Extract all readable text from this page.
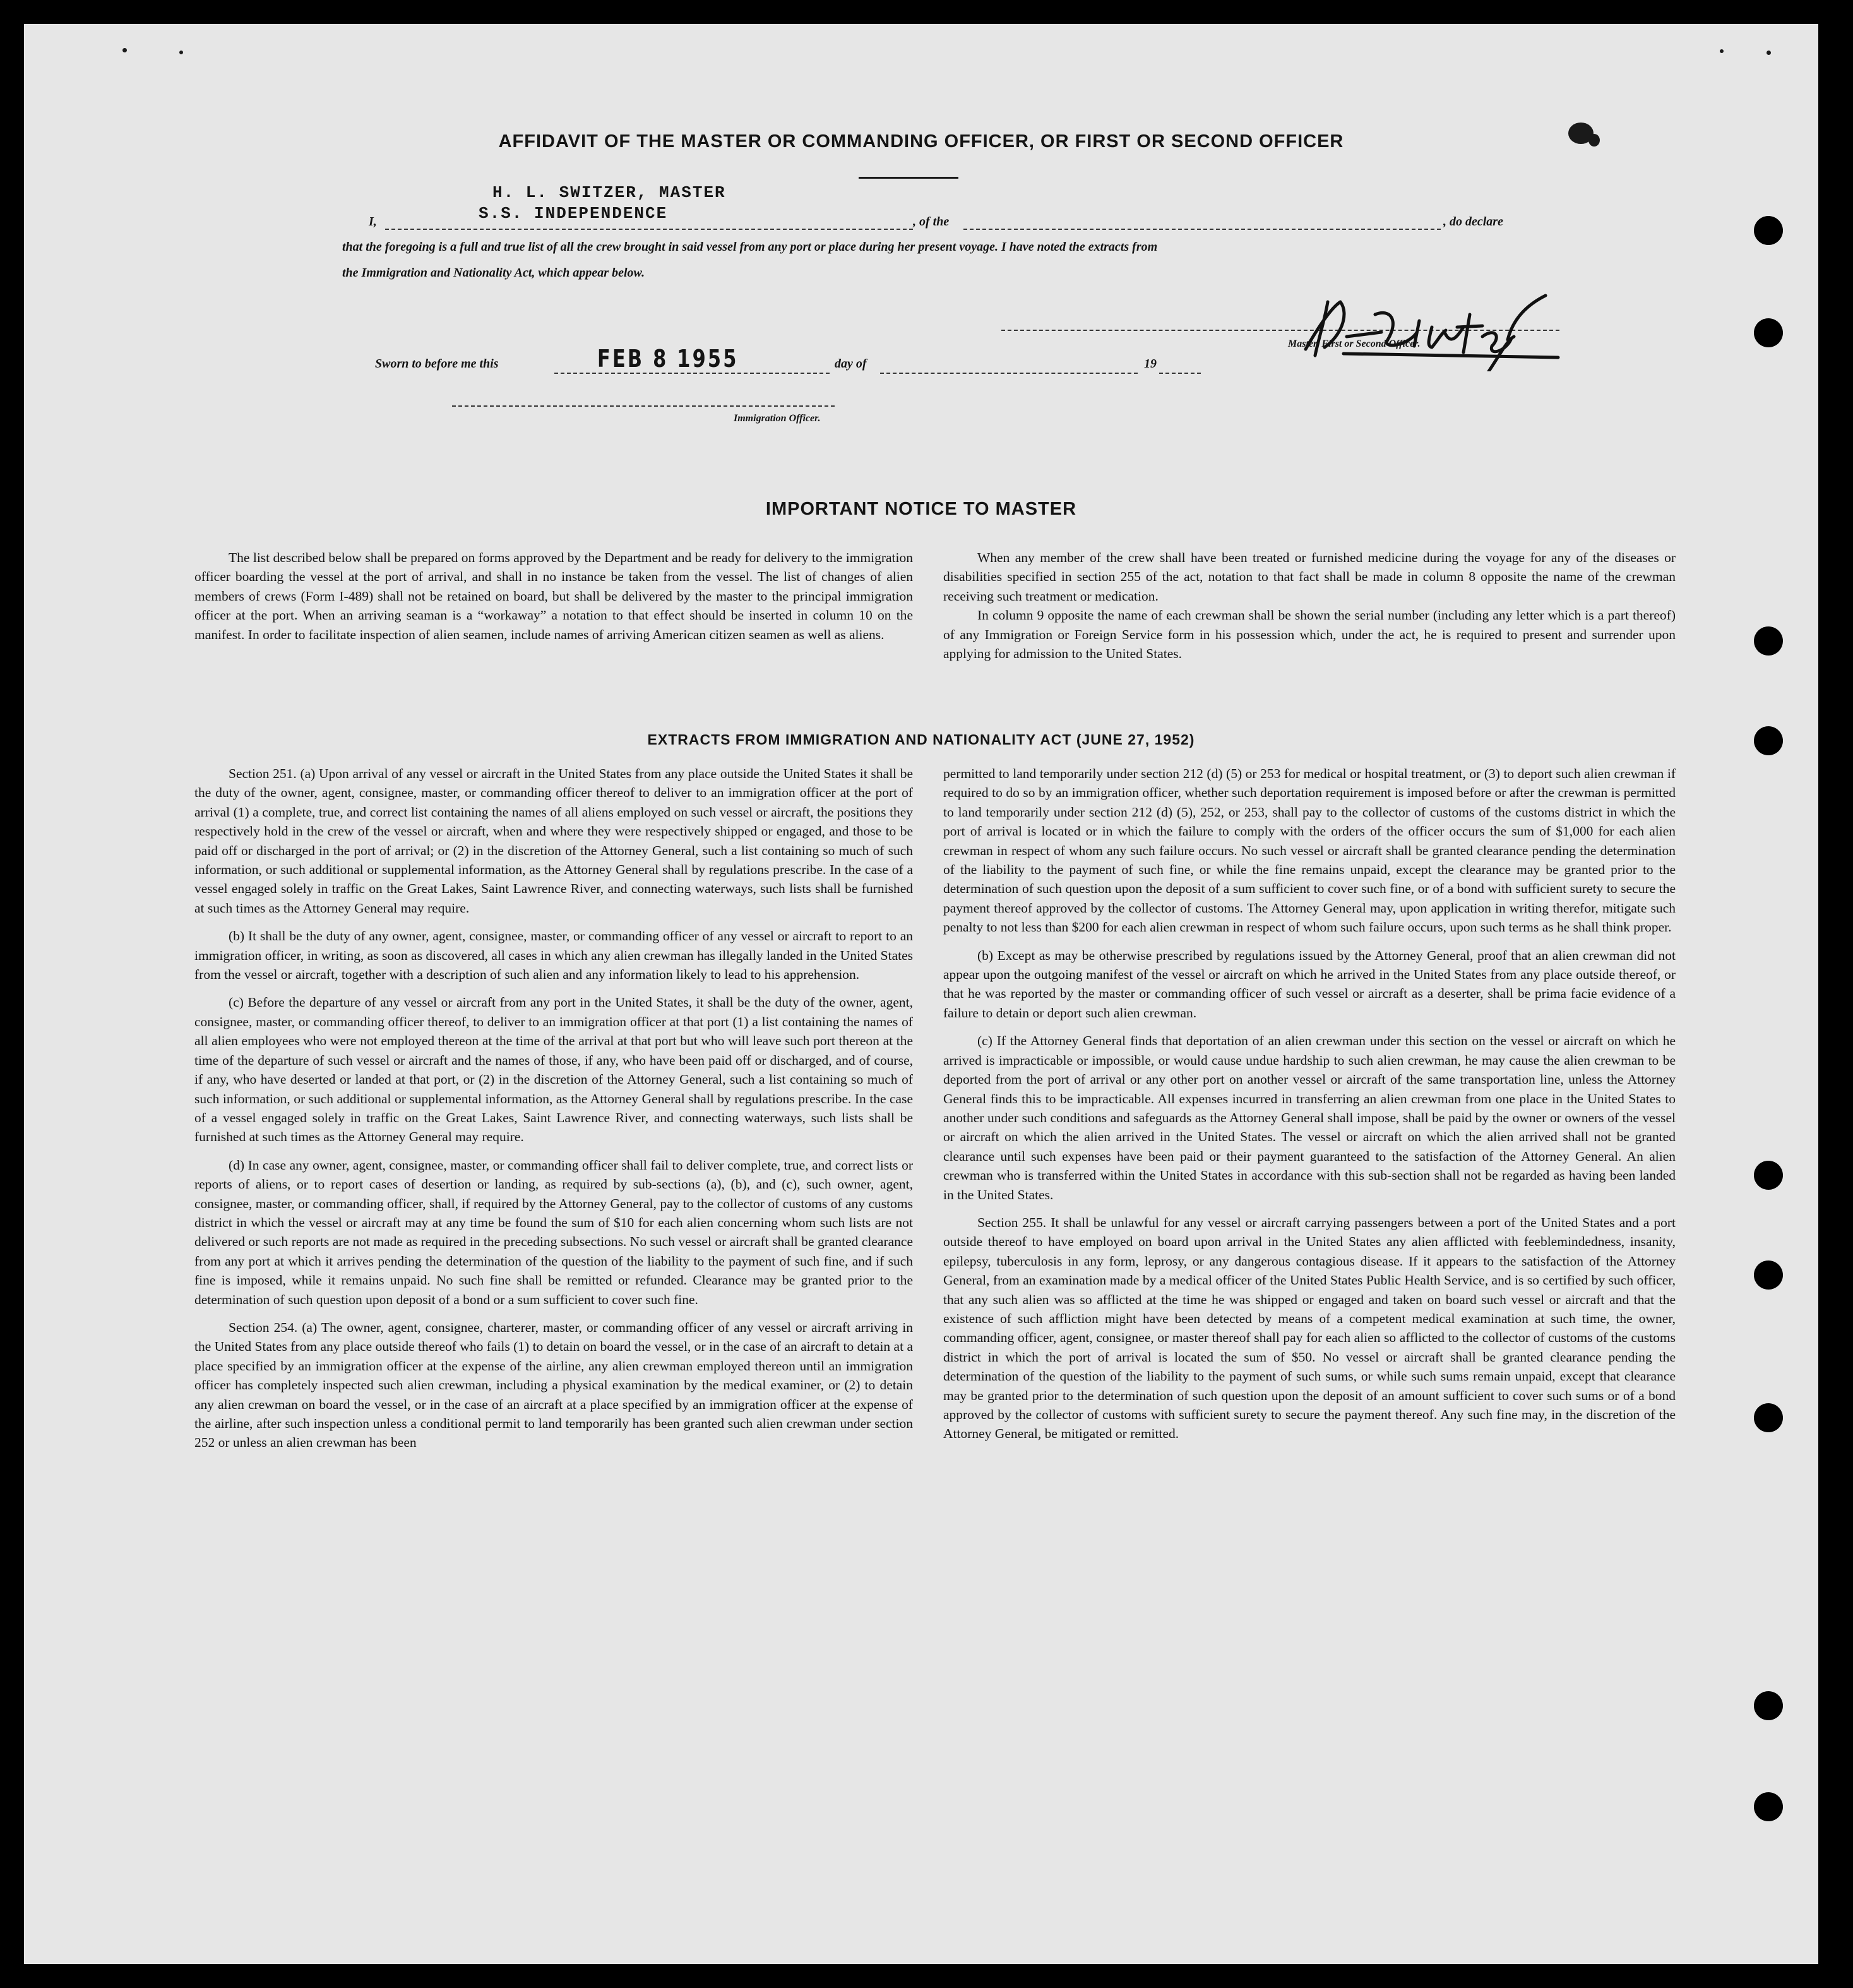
AFFIDAVIT OF THE MASTER OR COMMANDING OFFICER, OR FIRST OR SECOND OFFICER
I,
H. L. SWITZER, MASTER
S.S. INDEPENDENCE	, of the	, do declare
that the foregoing is a full and true list of all the crew brought in said vessel from any port or place during her present voyage. I have noted the extracts from
the Immigration and Nationality Act, which appear below.
Master, First or Second Officer.
Sworn to before me this	FEB 8 1955	day of	19
Immigration Officer.
IMPORTANT NOTICE TO MASTER

The list described below shall be prepared on forms approved by the Department and be ready for delivery to the immigration officer boarding the vessel at the port of arrival, and shall in no instance be taken from the vessel. The list of changes of alien members of crews (Form I-489) shall not be retained on board, but shall be delivered by the master to the principal immigration officer at the port. When an arriving seaman is a “workaway” a notation to that effect should be inserted in column 10 on the manifest. In order to facilitate inspection of alien seamen, include names of arriving American citizen seamen as well as aliens.

When any member of the crew shall have been treated or furnished medicine during the voyage for any of the diseases or disabilities specified in section 255 of the act, notation to that fact shall be made in column 8 opposite the name of the crewman receiving such treatment or medication.

In column 9 opposite the name of each crewman shall be shown the serial number (including any letter which is a part thereof) of any Immigration or Foreign Service form in his possession which, under the act, he is required to present and surrender upon applying for admission to the United States.

EXTRACTS FROM IMMIGRATION AND NATIONALITY ACT (JUNE 27, 1952)

Section 251. (a) Upon arrival of any vessel or aircraft in the United States from any place outside the United States it shall be the duty of the owner, agent, consignee, master, or commanding officer thereof to deliver to an immigration officer at the port of arrival (1) a complete, true, and correct list containing the names of all aliens employed on such vessel or aircraft, the positions they respectively hold in the crew of the vessel or aircraft, when and where they were respectively shipped or engaged, and those to be paid off or discharged in the port of arrival; or (2) in the discretion of the Attorney General, such a list containing so much of such information, or such additional or supplemental information, as the Attorney General shall by regulations prescribe. In the case of a vessel engaged solely in traffic on the Great Lakes, Saint Lawrence River, and connecting waterways, such lists shall be furnished at such times as the Attorney General may require.

(b) It shall be the duty of any owner, agent, consignee, master, or commanding officer of any vessel or aircraft to report to an immigration officer, in writing, as soon as discovered, all cases in which any alien crewman has illegally landed in the United States from the vessel or aircraft, together with a description of such alien and any information likely to lead to his apprehension.

(c) Before the departure of any vessel or aircraft from any port in the United States, it shall be the duty of the owner, agent, consignee, master, or commanding officer thereof, to deliver to an immigration officer at that port (1) a list containing the names of all alien employees who were not employed thereon at the time of the arrival at that port but who will leave such port thereon at the time of the departure of such vessel or aircraft and the names of those, if any, who have been paid off or discharged, and of course, if any, who have deserted or landed at that port, or (2) in the discretion of the Attorney General, such a list containing so much of such information, or such additional or supplemental information, as the Attorney General shall by regulations prescribe. In the case of a vessel engaged solely in traffic on the Great Lakes, Saint Lawrence River, and connecting waterways, such lists shall be furnished at such times as the Attorney General may require.

(d) In case any owner, agent, consignee, master, or commanding officer shall fail to deliver complete, true, and correct lists or reports of aliens, or to report cases of desertion or landing, as required by sub-sections (a), (b), and (c), such owner, agent, consignee, master, or commanding officer, shall, if required by the Attorney General, pay to the collector of customs of any customs district in which the vessel or aircraft may at any time be found the sum of $10 for each alien concerning whom such lists are not delivered or such reports are not made as required in the preceding subsections. No such vessel or aircraft shall be granted clearance from any port at which it arrives pending the determination of the question of the liability to the payment of such fine, and if such fine is imposed, while it remains unpaid. No such fine shall be remitted or refunded. Clearance may be granted prior to the determination of such question upon deposit of a bond or a sum sufficient to cover such fine.

Section 254. (a) The owner, agent, consignee, charterer, master, or commanding officer of any vessel or aircraft arriving in the United States from any place outside thereof who fails (1) to detain on board the vessel, or in the case of an aircraft to detain at a place specified by an immigration officer at the expense of the airline, any alien crewman employed thereon until an immigration officer has completely inspected such alien crewman, including a physical examination by the medical examiner, or (2) to detain any alien crewman on board the vessel, or in the case of an aircraft at a place specified by an immigration officer at the expense of the airline, after such inspection unless a conditional permit to land temporarily has been granted such alien crewman under section 252 or unless an alien crewman has been

permitted to land temporarily under section 212 (d) (5) or 253 for medical or hospital treatment, or (3) to deport such alien crewman if required to do so by an immigration officer, whether such deportation requirement is imposed before or after the crewman is permitted to land temporarily under section 212 (d) (5), 252, or 253, shall pay to the collector of customs of the customs district in which the port of arrival is located or in which the failure to comply with the orders of the officer occurs the sum of $1,000 for each alien crewman in respect of whom any such failure occurs. No such vessel or aircraft shall be granted clearance pending the determination of the liability to the payment of such fine, or while the fine remains unpaid, except the clearance may be granted prior to the determination of such question upon the deposit of a sum sufficient to cover such fine, or of a bond with sufficient surety to secure the payment thereof approved by the collector of customs. The Attorney General may, upon application in writing therefor, mitigate such penalty to not less than $200 for each alien crewman in respect of whom such failure occurs, upon such terms as he shall think proper.

(b) Except as may be otherwise prescribed by regulations issued by the Attorney General, proof that an alien crewman did not appear upon the outgoing manifest of the vessel or aircraft on which he arrived in the United States from any place outside thereof, or that he was reported by the master or commanding officer of such vessel or aircraft as a deserter, shall be prima facie evidence of a failure to detain or deport such alien crewman.

(c) If the Attorney General finds that deportation of an alien crewman under this section on the vessel or aircraft on which he arrived is impracticable or impossible, or would cause undue hardship to such alien crewman, he may cause the alien crewman to be deported from the port of arrival or any other port on another vessel or aircraft of the same transportation line, unless the Attorney General finds this to be impracticable. All expenses incurred in transferring an alien crewman from one place in the United States to another under such conditions and safeguards as the Attorney General shall impose, shall be paid by the owner or owners of the vessel or aircraft on which the alien arrived in the United States. The vessel or aircraft on which the alien arrived shall not be granted clearance until such expenses have been paid or their payment guaranteed to the satisfaction of the Attorney General. An alien crewman who is transferred within the United States in accordance with this sub-section shall not be regarded as having been landed in the United States.

Section 255. It shall be unlawful for any vessel or aircraft carrying passengers between a port of the United States and a port outside thereof to have employed on board upon arrival in the United States any alien afflicted with feeblemindedness, insanity, epilepsy, tuberculosis in any form, leprosy, or any dangerous contagious disease. If it appears to the satisfaction of the Attorney General, from an examination made by a medical officer of the United States Public Health Service, and is so certified by such officer, that any such alien was so afflicted at the time he was shipped or engaged and taken on board such vessel or aircraft and that the existence of such affliction might have been detected by means of a competent medical examination at such time, the owner, commanding officer, agent, consignee, or master thereof shall pay for each alien so afflicted to the collector of customs of the customs district in which the port of arrival is located the sum of $50. No vessel or aircraft shall be granted clearance pending the determination of the question of the liability to the payment of such sums, or while such sums remain unpaid, except that clearance may be granted prior to the determination of such question upon the deposit of an amount sufficient to cover such sums or of a bond approved by the collector of customs with sufficient surety to secure the payment thereof. Any such fine may, in the discretion of the Attorney General, be mitigated or remitted.
